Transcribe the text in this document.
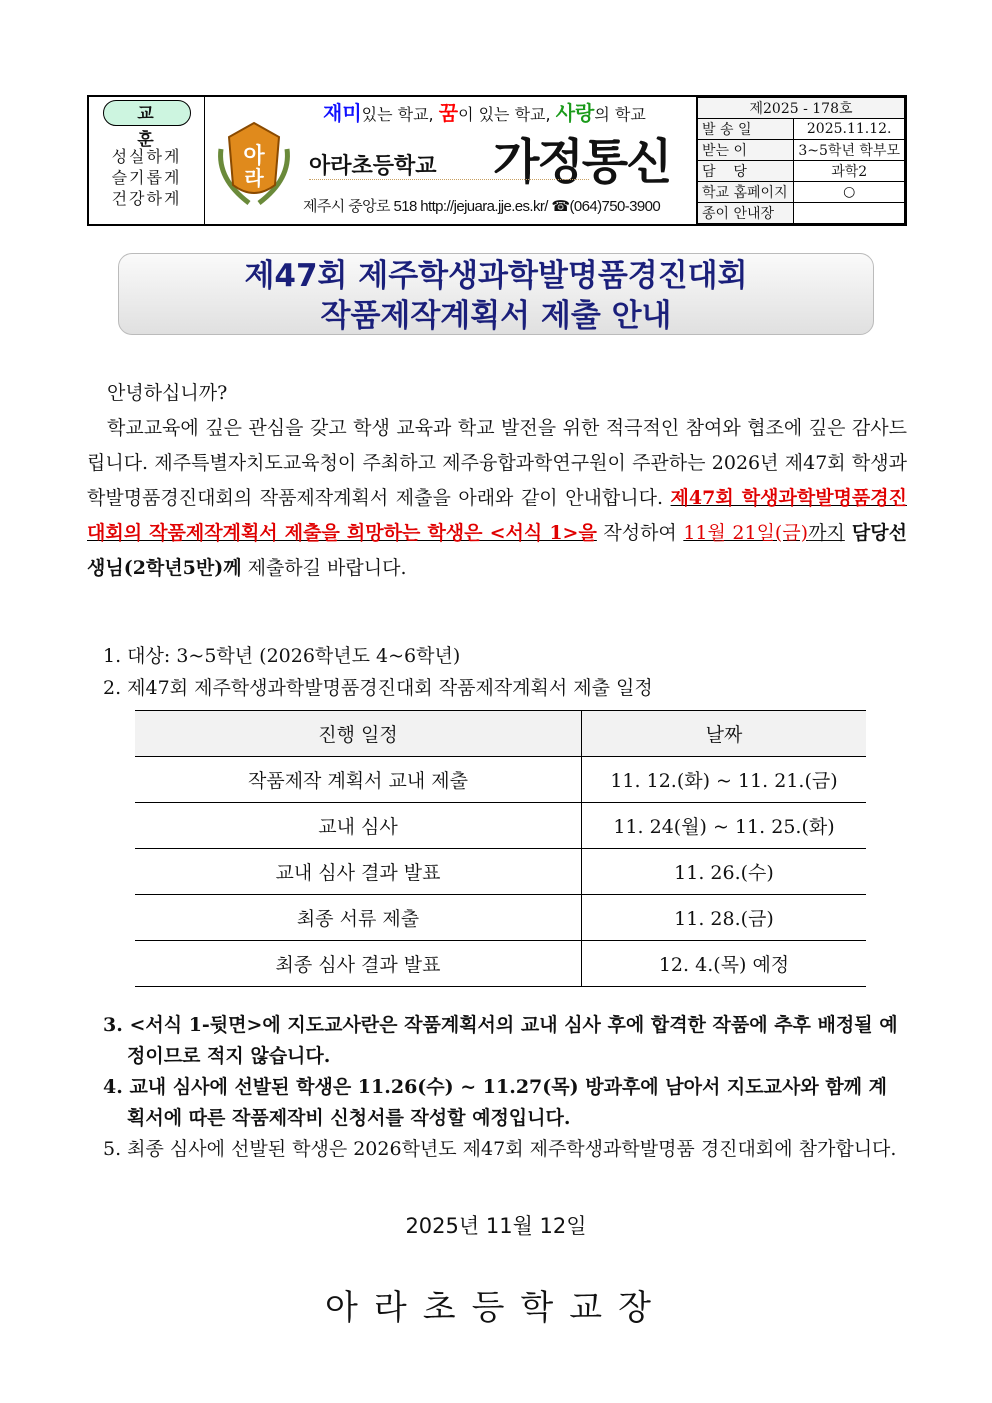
교 훈
성실하게
슬기롭게
건강하게
아
라
재미있는 학교, 꿈이 있는 학교, 사랑의 학교
아라초등학교 가정통신
제주시 중앙로 518 http://jejuara.jje.es.kr/ ☎(064)750-3900
제2025 - 178호	
발 송 일	2025.11.12.
받는 이	3~5학년 학부모
담    당	과학2
학교 홈페이지	○
종이 안내장	
제47회 제주학생과학발명품경진대회
작품제작계획서 제출 안내
안녕하십니까?
학교교육에 깊은 관심을 갖고 학생 교육과 학교 발전을 위한 적극적인 참여와 협조에 깊은 감사드립니다. 제주특별자치도교육청이 주최하고 제주융합과학연구원이 주관하는 2026년 제47회 학생과학발명품경진대회의 작품제작계획서 제출을 아래와 같이 안내합니다. 제47회 학생과학발명품경진대회의 작품제작계획서 제출을 희망하는 학생은 <서식 1>을 작성하여 11월 21일(금)까지 담당선생님(2학년5반)께 제출하길 바랍니다.
1. 대상: 3~5학년 (2026학년도 4~6학년)
2. 제47회 제주학생과학발명품경진대회 작품제작계획서 제출 일정
진행 일정	날짜
작품제작 계획서 교내 제출	11. 12.(화) ~ 11. 21.(금)
교내 심사	11. 24(월) ~ 11. 25.(화)
교내 심사 결과 발표	11. 26.(수)
최종 서류 제출	11. 28.(금)
최종 심사 결과 발표	12. 4.(목) 예정
3. <서식 1-뒷면>에 지도교사란은 작품계획서의 교내 심사 후에 합격한 작품에 추후 배정될 예정이므로 적지 않습니다.
4. 교내 심사에 선발된 학생은 11.26(수) ~ 11.27(목) 방과후에 남아서 지도교사와 함께 계획서에 따른 작품제작비 신청서를 작성할 예정입니다.
5. 최종 심사에 선발된 학생은 2026학년도 제47회 제주학생과학발명품 경진대회에 참가합니다.
2025년 11월 12일
아라초등학교장
